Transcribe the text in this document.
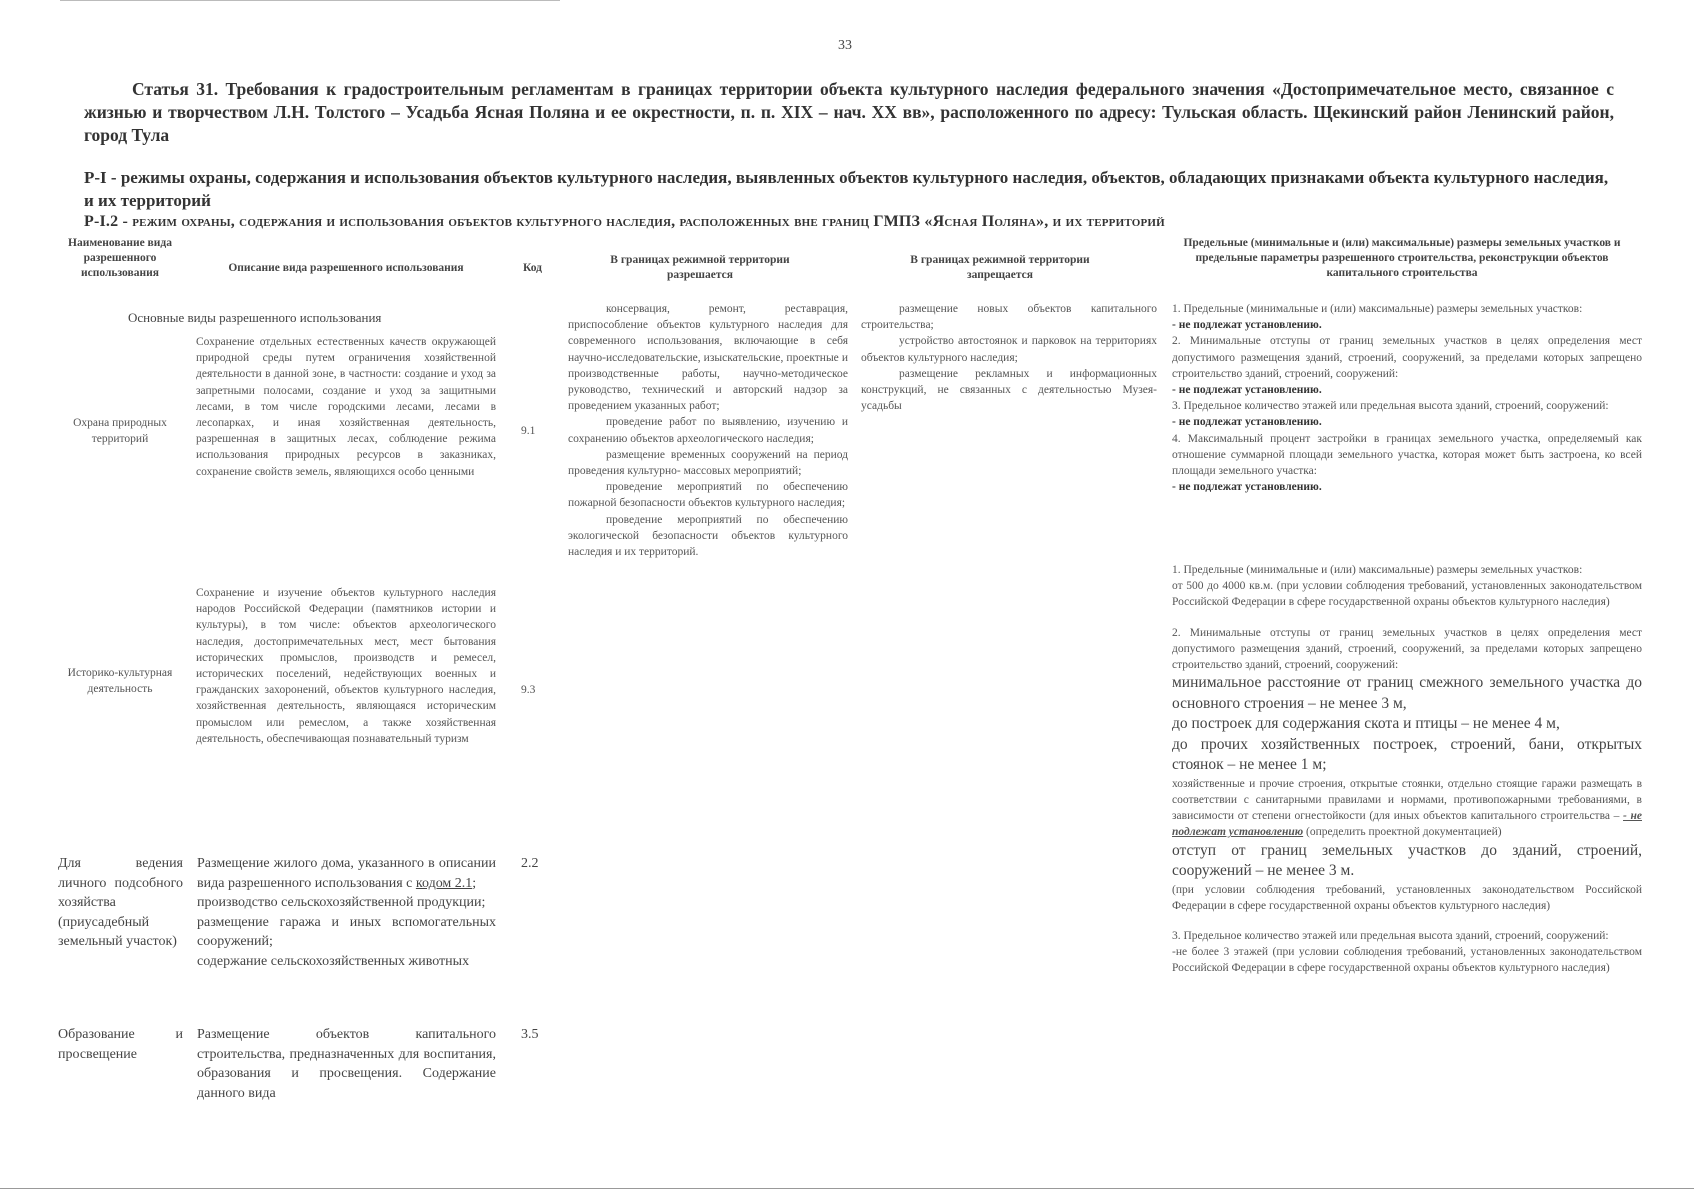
33
Статья 31. Требования к градостроительным регламентам в границах территории объекта культурного наследия федерального значения «Достопримечательное место, связанное с жизнью и творчеством Л.Н. Толстого – Усадьба Ясная Поляна и ее окрестности, п. п. XIX – нач. XX вв», расположенного по адресу: Тульская область. Щекинский район Ленинский район, город Тула
Р-I - режимы охраны, содержания и использования объектов культурного наследия, выявленных объектов культурного наследия, объектов, обладающих признаками объекта культурного наследия, и их территорий
Р-I.2 - режим охраны, содержания и использования объектов культурного наследия, расположенных вне границ ГМПЗ «Ясная Поляна», и их территорий
Наименование вида разрешенного использования	Описание вида разрешенного использования	Код
В границах режимной территории разрешается
В границах режимной территории запрещается
Предельные (минимальные и (или) максимальные) размеры земельных участков и предельные параметры разрешенного строительства, реконструкции объектов капитального строительства
Основные виды разрешенного использования
Охрана природных территорий
Сохранение отдельных естественных качеств окружающей природной среды путем ограничения хозяйственной деятельности в данной зоне, в частности: создание и уход за запретными полосами, создание и уход за защитными лесами, в том числе городскими лесами, лесами в лесопарках, и иная хозяйственная деятельность, разрешенная в защитных лесах, соблюдение режима использования природных ресурсов в заказниках, сохранение свойств земель, являющихся особо ценными
9.1
Историко-культурная деятельность
Сохранение и изучение объектов культурного наследия народов Российской Федерации (памятников истории и культуры), в том числе: объектов археологического наследия, достопримечательных мест, мест бытования исторических промыслов, производств и ремесел, исторических поселений, недействующих военных и гражданских захоронений, объектов культурного наследия, хозяйственная деятельность, являющаяся историческим промыслом или ремеслом, а также хозяйственная деятельность, обеспечивающая познавательный туризм
9.3
Для ведения личного подсобного хозяйства (приусадебный земельный участок)
Размещение жилого дома, указанного в описании вида разрешенного использования с кодом 2.1;
производство сельскохозяйственной продукции;
размещение гаража и иных вспомогательных сооружений;
содержание сельскохозяйственных животных
2.2
Образование и просвещение
Размещение объектов капитального строительства, предназначенных для воспитания, образования и просвещения. Содержание данного вида
3.5
консервация, ремонт, реставрация, приспособление объектов культурного наследия для современного использования, включающие в себя научно-исследовательские, изыскательские, проектные и производственные работы, научно-методическое руководство, технический и авторский надзор за проведением указанных работ;
проведение работ по выявлению, изучению и сохранению объектов археологического наследия;
размещение временных сооружений на период проведения культурно- массовых мероприятий;
проведение мероприятий по обеспечению пожарной безопасности объектов культурного наследия;
проведение мероприятий по обеспечению экологической безопасности объектов культурного наследия и их территорий.
размещение новых объектов капитального строительства;
устройство автостоянок и парковок на территориях объектов культурного наследия;
размещение рекламных и информационных конструкций, не связанных с деятельностью Музея-усадьбы
1. Предельные (минимальные и (или) максимальные) размеры земельных участков:
- не подлежат установлению.
2. Минимальные отступы от границ земельных участков в целях определения мест допустимого размещения зданий, строений, сооружений, за пределами которых запрещено строительство зданий, строений, сооружений:
- не подлежат установлению.
3. Предельное количество этажей или предельная высота зданий, строений, сооружений:
- не подлежат установлению.
4. Максимальный процент застройки в границах земельного участка, определяемый как отношение суммарной площади земельного участка, которая может быть застроена, ко всей площади земельного участка:
- не подлежат установлению.
1. Предельные (минимальные и (или) максимальные) размеры земельных участков:
от 500 до 4000 кв.м. (при условии соблюдения требований, установленных законодательством Российской Федерации в сфере государственной охраны объектов культурного наследия)
2. Минимальные отступы от границ земельных участков в целях определения мест допустимого размещения зданий, строений, сооружений, за пределами которых запрещено строительство зданий, строений, сооружений:
минимальное расстояние от границ смежного земельного участка до основного строения – не менее 3 м,
до построек для содержания скота и птицы – не менее 4 м,
до прочих хозяйственных построек, строений, бани, открытых стоянок – не менее 1 м;
хозяйственные и прочие строения, открытые стоянки, отдельно стоящие гаражи размещать в соответствии с санитарными правилами и нормами, противопожарными требованиями, в зависимости от степени огнестойкости (для иных объектов капитального строительства – - не подлежат установлению (определить проектной документацией)
отступ от границ земельных участков до зданий, строений, сооружений – не менее 3 м.
(при условии соблюдения требований, установленных законодательством Российской Федерации в сфере государственной охраны объектов культурного наследия)
3. Предельное количество этажей или предельная высота зданий, строений, сооружений:
-не более 3 этажей (при условии соблюдения требований, установленных законодательством Российской Федерации в сфере государственной охраны объектов культурного наследия)
